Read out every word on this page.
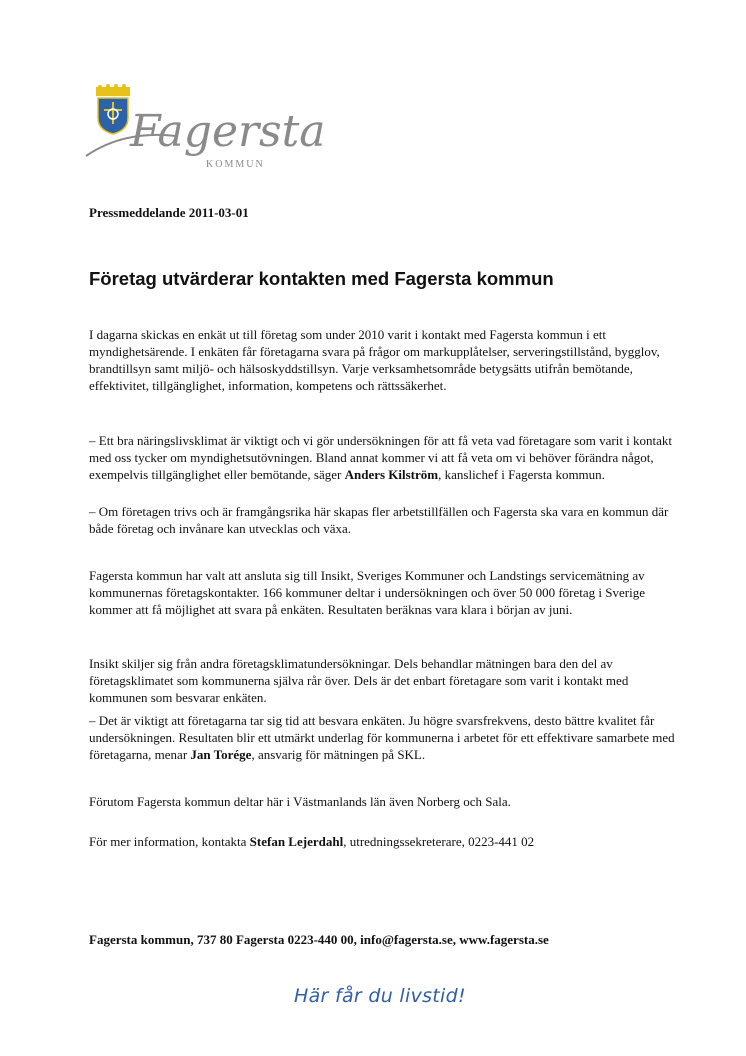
Fagersta
KOMMUN
Pressmeddelande 2011-03-01
Företag utvärderar kontakten med Fagersta kommun

I dagarna skickas en enkät ut till företag som under 2010 varit i kontakt med Fagersta kommun i ett myndighetsärende. I enkäten får företagarna svara på frågor om markupplåtelser, serveringstillstånd, bygglov, brandtillsyn samt miljö- och hälsoskyddstillsyn. Varje verksamhetsområde betygsätts utifrån bemötande, effektivitet, tillgänglighet, information, kompetens och rättssäkerhet.

– Ett bra näringslivsklimat är viktigt och vi gör undersökningen för att få veta vad företagare som varit i kontakt med oss tycker om myndighetsutövningen. Bland annat kommer vi att få veta om vi behöver förändra något, exempelvis tillgänglighet eller bemötande, säger Anders Kilström, kanslichef i Fagersta kommun.

– Om företagen trivs och är framgångsrika här skapas fler arbetstillfällen och Fagersta ska vara en kommun där både företag och invånare kan utvecklas och växa.

Fagersta kommun har valt att ansluta sig till Insikt, Sveriges Kommuner och Landstings servicemätning av kommunernas företagskontakter. 166 kommuner deltar i undersökningen och över 50 000 företag i Sverige kommer att få möjlighet att svara på enkäten. Resultaten beräknas vara klara i början av juni.

Insikt skiljer sig från andra företagsklimatundersökningar. Dels behandlar mätningen bara den del av företagsklimatet som kommunerna själva rår över. Dels är det enbart företagare som varit i kontakt med kommunen som besvarar enkäten.

– Det är viktigt att företagarna tar sig tid att besvara enkäten. Ju högre svarsfrekvens, desto bättre kvalitet får undersökningen. Resultaten blir ett utmärkt underlag för kommunerna i arbetet för ett effektivare samarbete med företagarna, menar Jan Torége, ansvarig för mätningen på SKL.

Förutom Fagersta kommun deltar här i Västmanlands län även Norberg och Sala.

För mer information, kontakta Stefan Lejerdahl, utredningssekreterare, 0223-441 02

Fagersta kommun, 737 80 Fagersta 0223-440 00, info@fagersta.se, www.fagersta.se
Här får du livstid!
